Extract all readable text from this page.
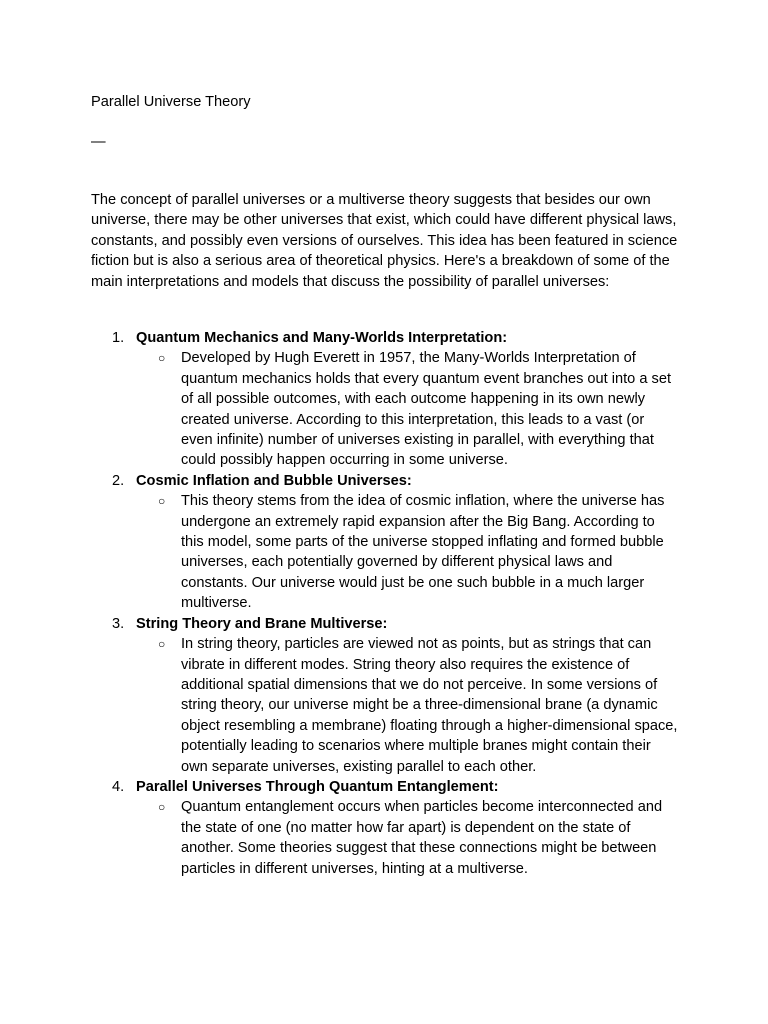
Parallel Universe Theory
—

The concept of parallel universes or a multiverse theory suggests that besides our own universe, there may be other universes that exist, which could have different physical laws, constants, and possibly even versions of ourselves. This idea has been featured in science fiction but is also a serious area of theoretical physics. Here's a breakdown of some of the main interpretations and models that discuss the possibility of parallel universes:

1. Quantum Mechanics and Many-Worlds Interpretation:
○ Developed by Hugh Everett in 1957, the Many-Worlds Interpretation of quantum mechanics holds that every quantum event branches out into a set of all possible outcomes, with each outcome happening in its own newly created universe. According to this interpretation, this leads to a vast (or even infinite) number of universes existing in parallel, with everything that could possibly happen occurring in some universe.
2. Cosmic Inflation and Bubble Universes:
○ This theory stems from the idea of cosmic inflation, where the universe has undergone an extremely rapid expansion after the Big Bang. According to this model, some parts of the universe stopped inflating and formed bubble universes, each potentially governed by different physical laws and constants. Our universe would just be one such bubble in a much larger multiverse.
3. String Theory and Brane Multiverse:
○ In string theory, particles are viewed not as points, but as strings that can vibrate in different modes. String theory also requires the existence of additional spatial dimensions that we do not perceive. In some versions of string theory, our universe might be a three-dimensional brane (a dynamic object resembling a membrane) floating through a higher-dimensional space, potentially leading to scenarios where multiple branes might contain their own separate universes, existing parallel to each other.
4. Parallel Universes Through Quantum Entanglement:
○ Quantum entanglement occurs when particles become interconnected and the state of one (no matter how far apart) is dependent on the state of another. Some theories suggest that these connections might be between particles in different universes, hinting at a multiverse.
